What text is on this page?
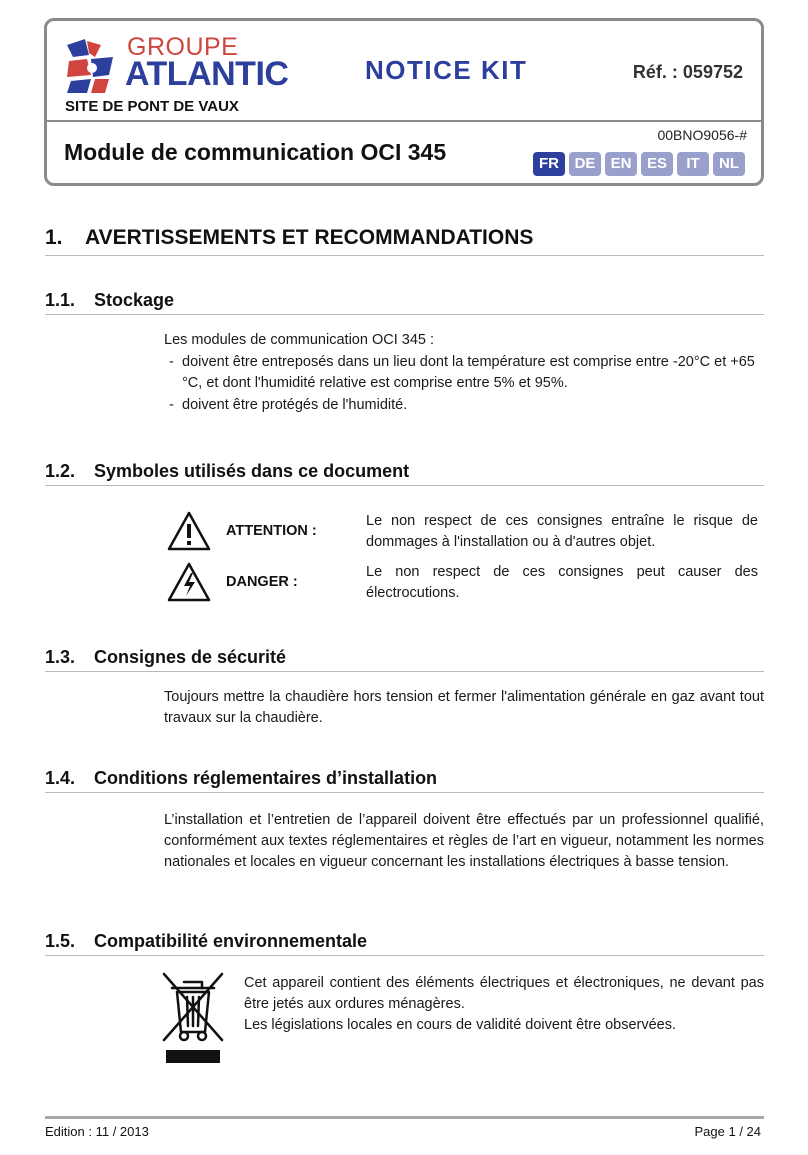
GROUPE
ATLANTIC
SITE DE PONT DE VAUX
NOTICE KIT	Réf. : 059752
Module de communication OCI 345
00BNO9056-#
FR	DE	EN	ES	IT	NL
1. AVERTISSEMENTS ET RECOMMANDATIONS
1.1. Stockage
Les modules de communication OCI 345 :
- doivent être entreposés dans un lieu dont la température est comprise entre -20°C et +65 °C, et dont l'humidité relative est comprise entre 5% et 95%.
- doivent être protégés de l'humidité.
1.2. Symboles utilisés dans ce document
ATTENTION :
Le non respect de ces consignes entraîne le risque de dommages à l'installation ou à d'autres objet.
DANGER :
Le non respect de ces consignes peut causer des électrocutions.
1.3. Consignes de sécurité
Toujours mettre la chaudière hors tension et fermer l'alimentation générale en gaz avant tout travaux sur la chaudière.
1.4. Conditions réglementaires d’installation
L’installation et l’entretien de l’appareil doivent être effectués par un professionnel qualifié, conformément aux textes réglementaires et règles de l’art en vigueur, notamment les normes nationales et locales en vigueur concernant les installations électriques à basse tension.
1.5. Compatibilité environnementale
Cet appareil contient des éléments électriques et électroniques, ne devant pas être jetés aux ordures ménagères.
Les législations locales en cours de validité doivent être observées.
Edition : 11 / 2013	Page 1 / 24
